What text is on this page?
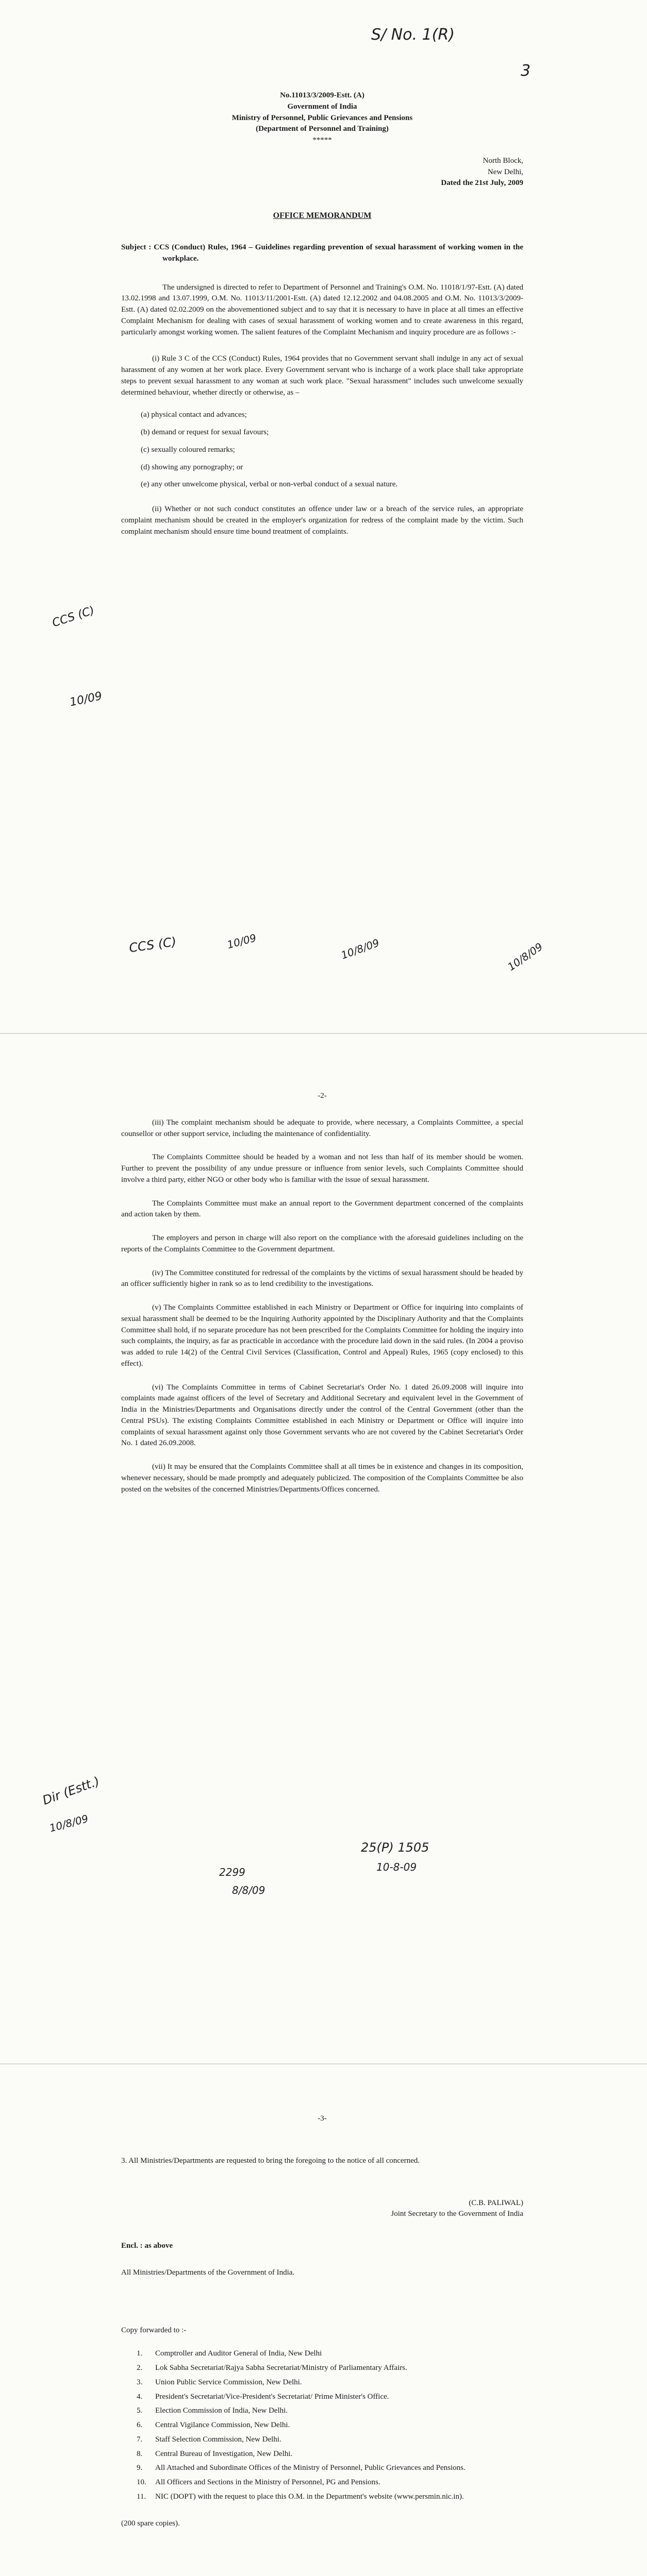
S/ No. 1(R)
3
No.11013/3/2009-Estt. (A)
Government of India
Ministry of Personnel, Public Grievances and Pensions
(Department of Personnel and Training)
*****
North Block,
New Delhi,
Dated the 21st July, 2009
OFFICE MEMORANDUM

Subject : CCS (Conduct) Rules, 1964 – Guidelines regarding prevention of sexual harassment of working women in the workplace.

The undersigned is directed to refer to Department of Personnel and Training's O.M. No. 11018/1/97-Estt. (A) dated 13.02.1998 and 13.07.1999, O.M. No. 11013/11/2001-Estt. (A) dated 12.12.2002 and 04.08.2005 and O.M. No. 11013/3/2009-Estt. (A) dated 02.02.2009 on the abovementioned subject and to say that it is necessary to have in place at all times an effective Complaint Mechanism for dealing with cases of sexual harassment of working women and to create awareness in this regard, particularly amongst working women. The salient features of the Complaint Mechanism and inquiry procedure are as follows :-

(i) Rule 3 C of the CCS (Conduct) Rules, 1964 provides that no Government servant shall indulge in any act of sexual harassment of any women at her work place. Every Government servant who is incharge of a work place shall take appropriate steps to prevent sexual harassment to any woman at such work place. "Sexual harassment" includes such unwelcome sexually determined behaviour, whether directly or otherwise, as –

(a) physical contact and advances;
(b) demand or request for sexual favours;
(c) sexually coloured remarks;
(d) showing any pornography; or
(e) any other unwelcome physical, verbal or non-verbal conduct of a sexual nature.

(ii) Whether or not such conduct constitutes an offence under law or a breach of the service rules, an appropriate complaint mechanism should be created in the employer's organization for redress of the complaint made by the victim. Such complaint mechanism should ensure time bound treatment of complaints.

CCS (C)
10/09
CCS (C)	10/09	10/8/09	10/8/09
-2-

(iii) The complaint mechanism should be adequate to provide, where necessary, a Complaints Committee, a special counsellor or other support service, including the maintenance of confidentiality.

The Complaints Committee should be headed by a woman and not less than half of its member should be women. Further to prevent the possibility of any undue pressure or influence from senior levels, such Complaints Committee should involve a third party, either NGO or other body who is familiar with the issue of sexual harassment.

The Complaints Committee must make an annual report to the Government department concerned of the complaints and action taken by them.

The employers and person in charge will also report on the compliance with the aforesaid guidelines including on the reports of the Complaints Committee to the Government department.

(iv) The Committee constituted for redressal of the complaints by the victims of sexual harassment should be headed by an officer sufficiently higher in rank so as to lend credibility to the investigations.

(v) The Complaints Committee established in each Ministry or Department or Office for inquiring into complaints of sexual harassment shall be deemed to be the Inquiring Authority appointed by the Disciplinary Authority and that the Complaints Committee shall hold, if no separate procedure has not been prescribed for the Complaints Committee for holding the inquiry into such complaints, the inquiry, as far as practicable in accordance with the procedure laid down in the said rules. (In 2004 a proviso was added to rule 14(2) of the Central Civil Services (Classification, Control and Appeal) Rules, 1965 (copy enclosed) to this effect).

(vi) The Complaints Committee in terms of Cabinet Secretariat's Order No. 1 dated 26.09.2008 will inquire into complaints made against officers of the level of Secretary and Additional Secretary and equivalent level in the Government of India in the Ministries/Departments and Organisations directly under the control of the Central Government (other than the Central PSUs). The existing Complaints Committee established in each Ministry or Department or Office will inquire into complaints of sexual harassment against only those Government servants who are not covered by the Cabinet Secretariat's Order No. 1 dated 26.09.2008.

(vii) It may be ensured that the Complaints Committee shall at all times be in existence and changes in its composition, whenever necessary, should be made promptly and adequately publicized. The composition of the Complaints Committee be also posted on the websites of the concerned Ministries/Departments/Offices concerned.

Dir (Estt.)
10/8/09
2299
8/8/09
25(P) 1505
10-8-09
-3-

3. All Ministries/Departments are requested to bring the foregoing to the notice of all concerned.

(C.B. PALIWAL)
Joint Secretary to the Government of India
Encl. : as above
All Ministries/Departments of the Government of India.
Copy forwarded to :-
1.	Comptroller and Auditor General of India, New Delhi
2.	Lok Sabha Secretariat/Rajya Sabha Secretariat/Ministry of Parliamentary Affairs.
3.	Union Public Service Commission, New Delhi.
4.	President's Secretariat/Vice-President's Secretariat/ Prime Minister's Office.
5.	Election Commission of India, New Delhi.
6.	Central Vigilance Commission, New Delhi.
7.	Staff Selection Commission, New Delhi.
8.	Central Bureau of Investigation, New Delhi.
9.	All Attached and Subordinate Offices of the Ministry of Personnel, Public Grievances and Pensions.
10.	All Officers and Sections in the Ministry of Personnel, PG and Pensions.
11.	NIC (DOPT) with the request to place this O.M. in the Department's website (www.persmin.nic.in).
(200 spare copies).
